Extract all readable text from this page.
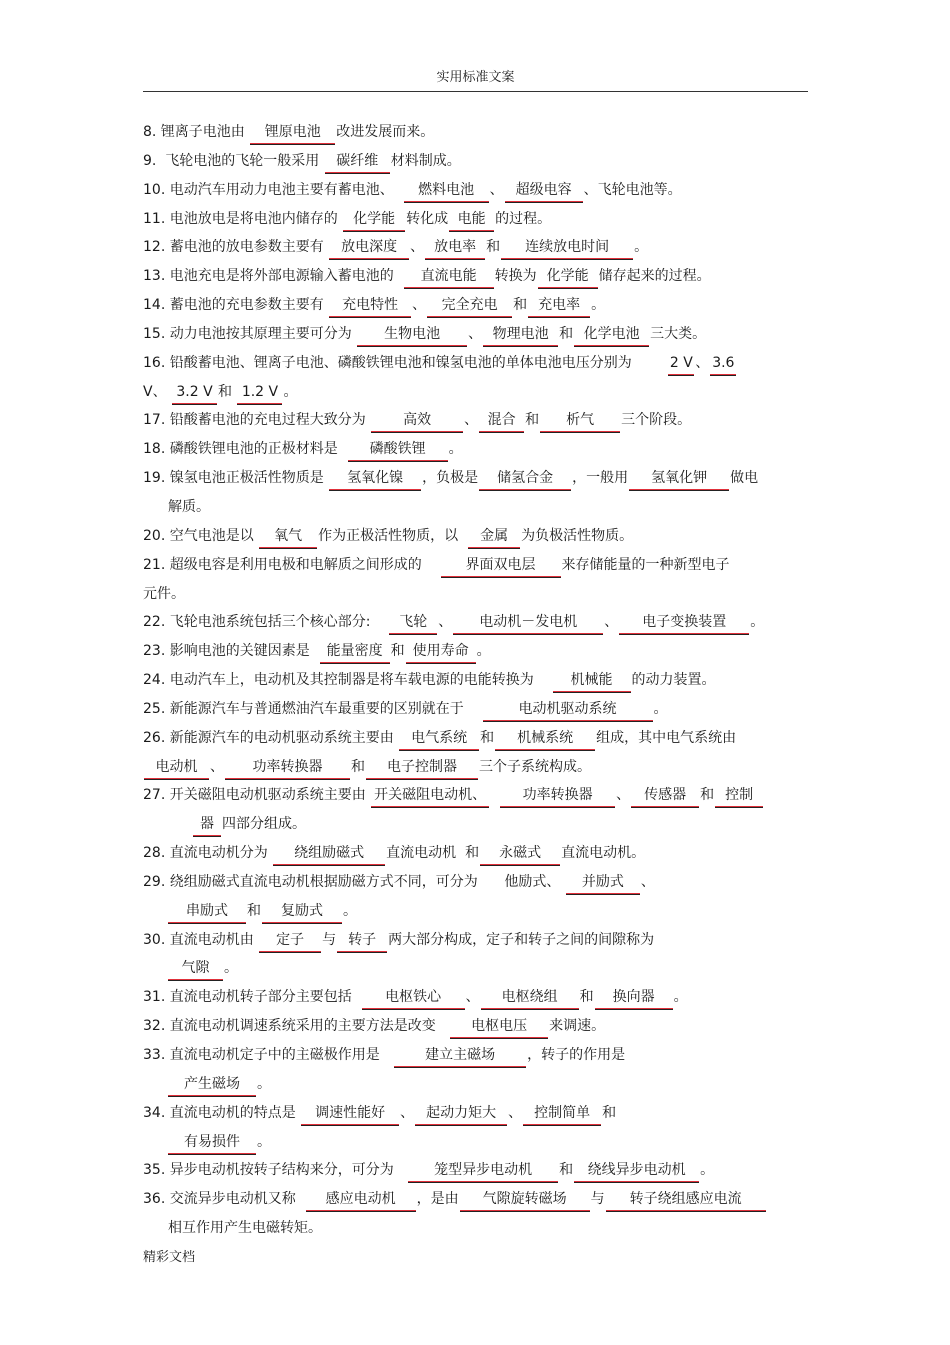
实用标准文案
8. 锂离子电池由 锂原电池 改进发展而来。
9.  飞轮电池的飞轮一般采用 碳纤维 材料制成。
10. 电动汽车用动力电池主要有蓄电池、  燃料电池 、 超级电容 、飞轮电池等。
11. 电池放电是将电池内储存的 化学能 转化成 电能 的过程。
12. 蓄电池的放电参数主要有 放电深度 、 放电率 和 连续放电时间 。
13. 电池充电是将外部电源输入蓄电池的  直流电能 转换为 化学能 储存起来的过程。
14. 蓄电池的充电参数主要有 充电特性 、 完全充电 和 充电率 。
15. 动力电池按其原理主要可分为 生物电池 、 物理电池 和 化学电池 三大类。
16. 铅酸蓄电池、锂离子电池、磷酸铁锂电池和镍氢电池的单体电池电压分别为        2 V 、 3.6
V、 3.2 V 和 1.2 V 。
17. 铅酸蓄电池的充电过程大致分为 高效 、 混合 和 析气 三个阶段。
18. 磷酸铁锂电池的正极材料是  磷酸铁锂 。
19. 镍氢电池正极活性物质是 氢氧化镍 ，负极是 储氢合金 ，一般用 氢氧化钾 做电
解质。
20. 空气电池是以 氧气 作为正极活性物质，以  金属 为负极活性物质。
21. 超级电容是利用电极和电解质之间形成的    界面双电层 来存储能量的一种新型电子
元件。
22. 飞轮电池系统包括三个核心部分:    飞轮 、 电动机－发电机 、 电子变换装置 。
23. 影响电池的关键因素是  能量密度 和 使用寿命 。
24. 电动汽车上，电动机及其控制器是将车载电源的电能转换为    机械能 的动力装置。
25. 新能源汽车与普通燃油汽车最重要的区别就在于	电动机驱动系统	。
26. 新能源汽车的电动机驱动系统主要由 电气系统 和 机械系统 组成，其中电气系统由
电动机 、 功率转换器 和 电子控制器 三个子系统构成。
27. 开关磁阻电动机驱动系统主要由 开关磁阻电动机、	功率转换器 、 传感器 和 控制
器 四部分组成。
28. 直流电动机分为 绕组励磁式 直流电动机  和 永磁式 直流电动机。
29. 绕组励磁式直流电动机根据励磁方式不同，可分为      他励式、 并励式 、
串励式 和 复励式 。
30. 直流电动机由 定子 与 转子 两大部分构成，定子和转子之间的间隙称为
气隙 。
31. 直流电动机转子部分主要包括  电枢铁心 、 电枢绕组 和 换向器 。
32. 直流电动机调速系统采用的主要方法是改变   电枢电压 来调速。
33. 直流电动机定子中的主磁极作用是   建立主磁场 ，转子的作用是
产生磁场 。
34. 直流电动机的特点是 调速性能好 、 起动力矩大 、 控制简单 和
有易损件 。
35. 异步电动机按转子结构来分，可分为   笼型异步电动机 和 绕线异步电动机 。
36. 交流异步电动机又称  感应电动机 ，是由 气隙旋转磁场 与 转子绕组感应电流
相互作用产生电磁转矩。
精彩文档
